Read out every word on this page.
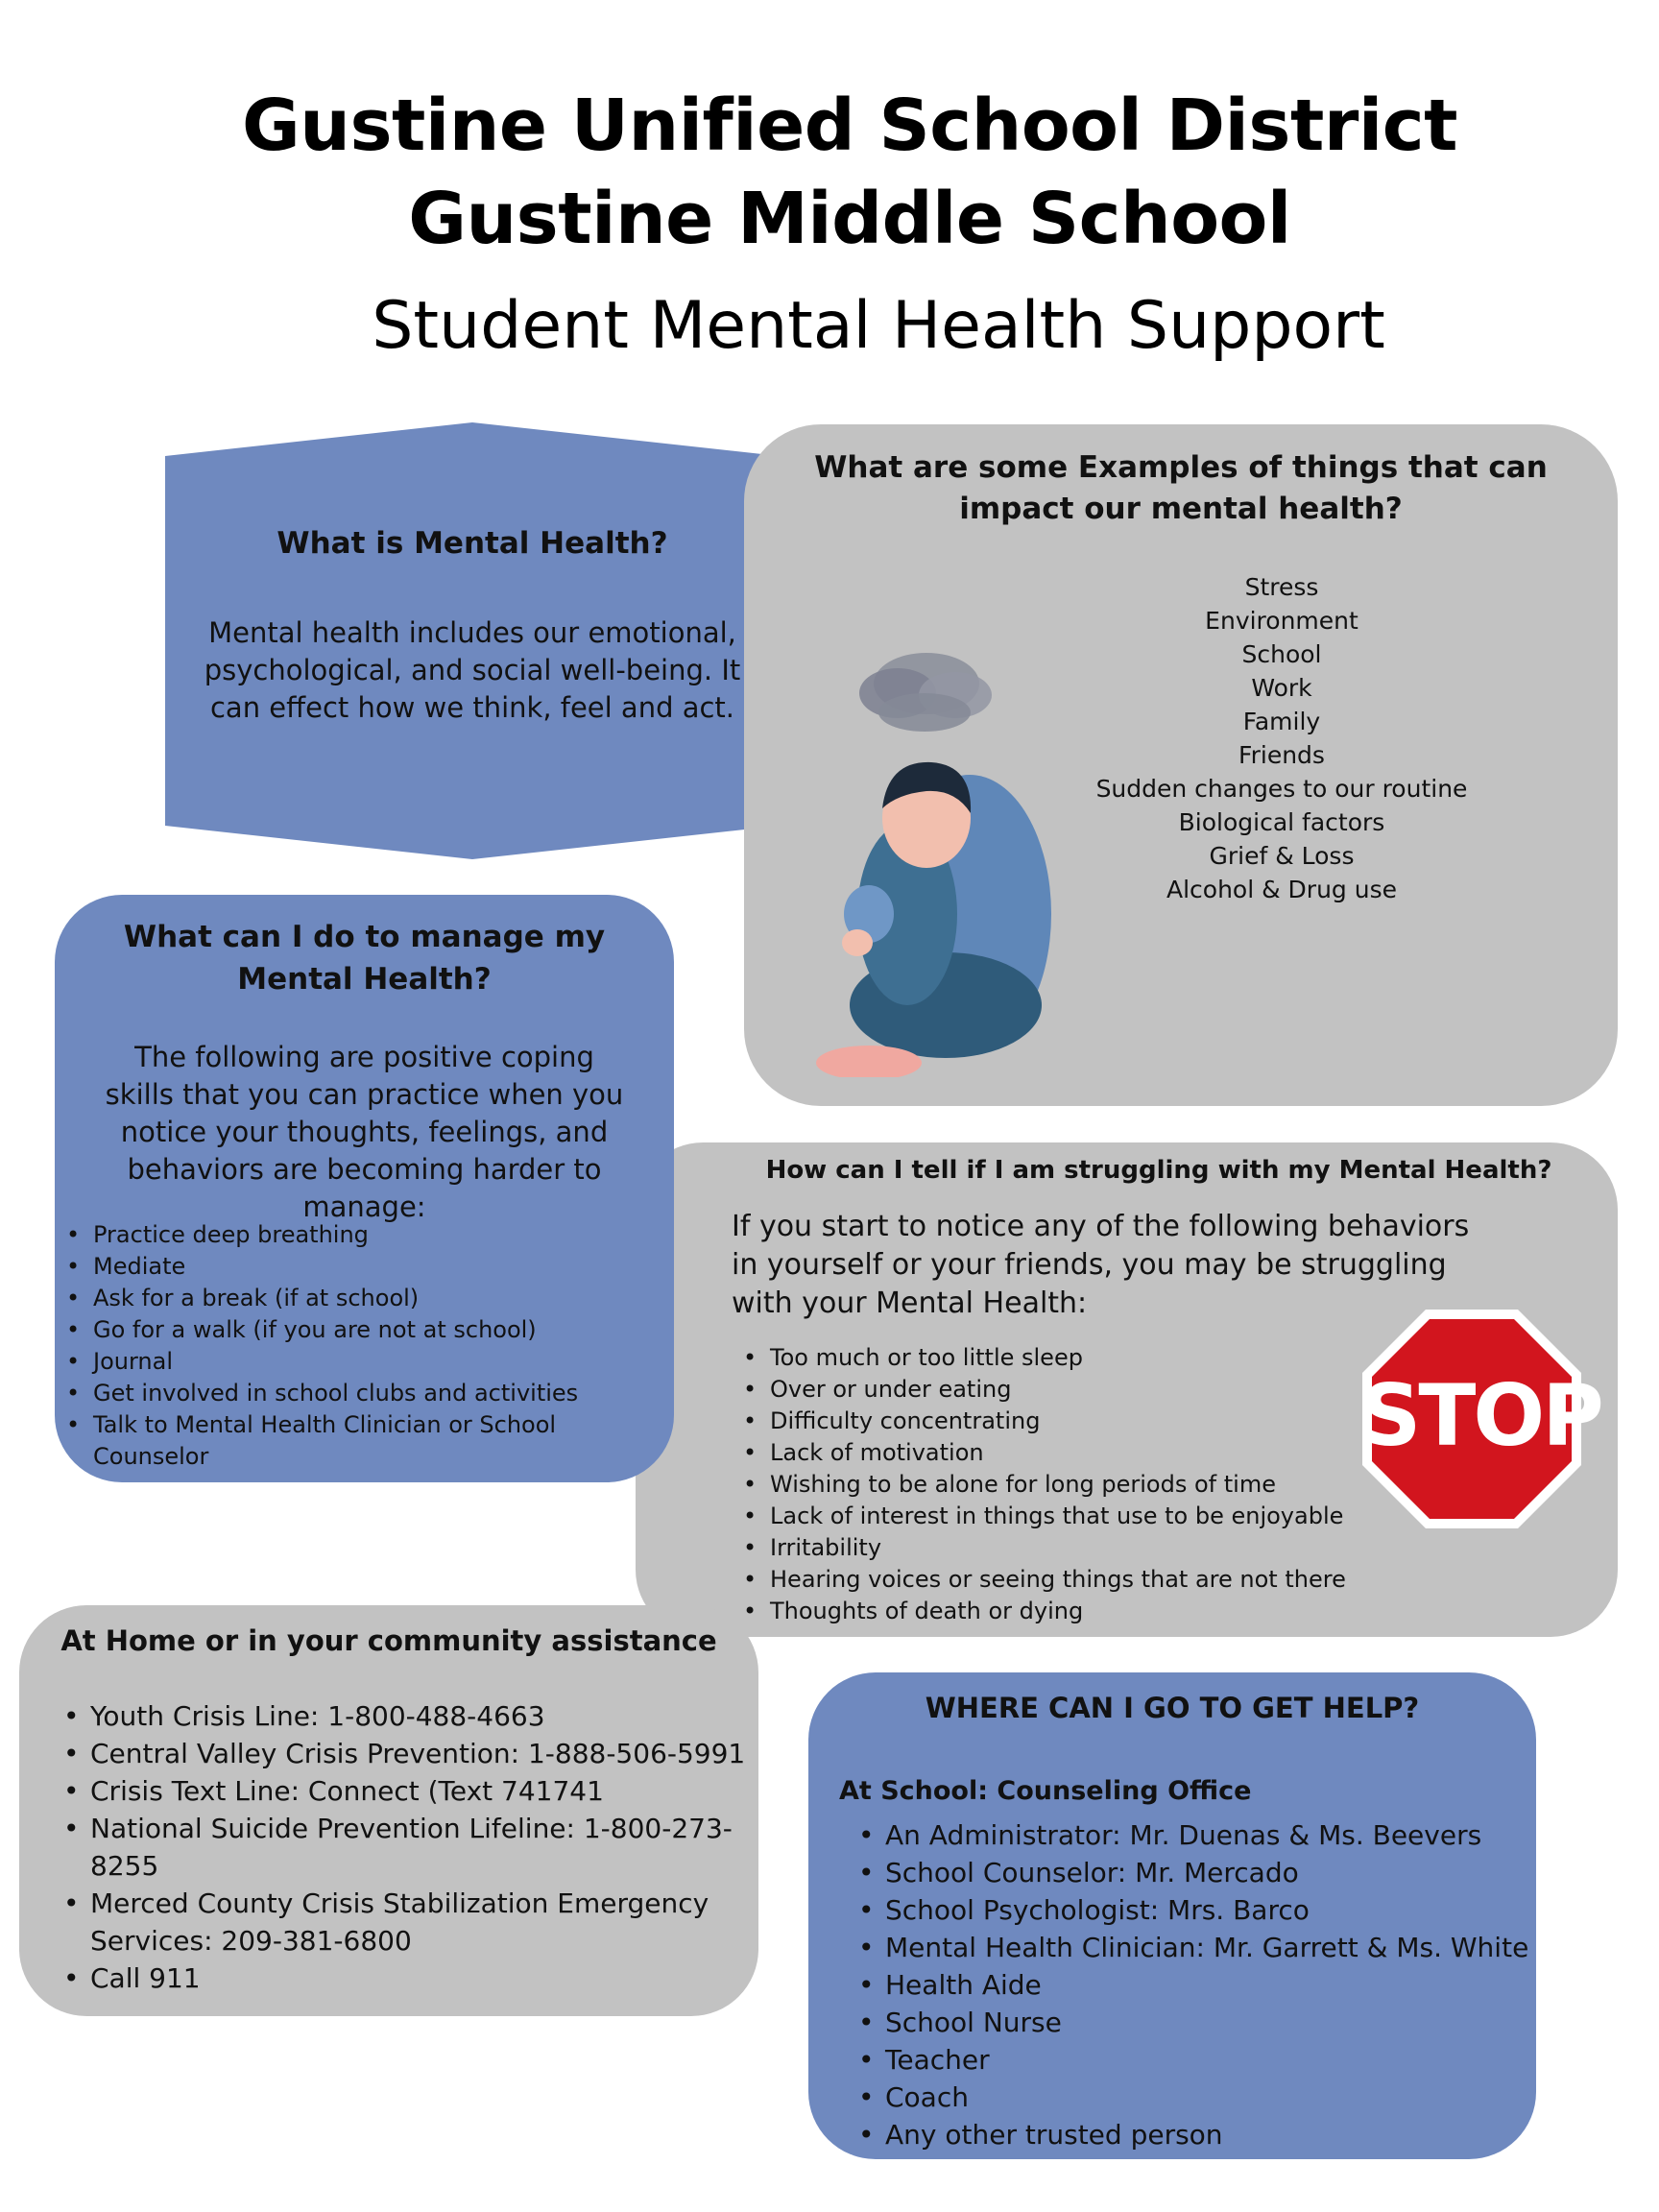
Gustine Unified School District
Gustine Middle School
Student Mental Health Support
What is Mental Health?
Mental health includes our emotional, psychological, and social well-being. It can effect how we think, feel and act.
What are some Examples of things that can impact our mental health?
Stress
Environment
School
Work
Family
Friends
Sudden changes to our routine
Biological factors
Grief & Loss
Alcohol & Drug use
What can I do to manage my Mental Health?
The following are positive coping skills that you can practice when you notice your thoughts, feelings, and behaviors are becoming harder to manage:
• Practice deep breathing
• Mediate
• Ask for a break (if at school)
• Go for a walk (if you are not at school)
• Journal
• Get involved in school clubs and activities
• Talk to Mental Health Clinician or School Counselor
How can I tell if I am struggling with my Mental Health?
If you start to notice any of the following behaviors in yourself or your friends, you may be struggling with your Mental Health:
• Too much or too little sleep
• Over or under eating
• Difficulty concentrating
• Lack of motivation
• Wishing to be alone for long periods of time
• Lack of interest in things that use to be enjoyable
• Irritability
• Hearing voices or seeing things that are not there
• Thoughts of death or dying
STOP
At Home or in your community assistance
• Youth Crisis Line: 1-800-488-4663
• Central Valley Crisis Prevention: 1-888-506-5991
• Crisis Text Line: Connect (Text 741741
• National Suicide Prevention Lifeline: 1-800-273-8255
• Merced County Crisis Stabilization Emergency Services: 209-381-6800
• Call 911
WHERE CAN I GO TO GET HELP?
At School: Counseling Office
• An Administrator: Mr. Duenas & Ms. Beevers
• School Counselor: Mr. Mercado
• School Psychologist: Mrs. Barco
• Mental Health Clinician: Mr. Garrett & Ms. White
• Health Aide
• School Nurse
• Teacher
• Coach
• Any other trusted person
